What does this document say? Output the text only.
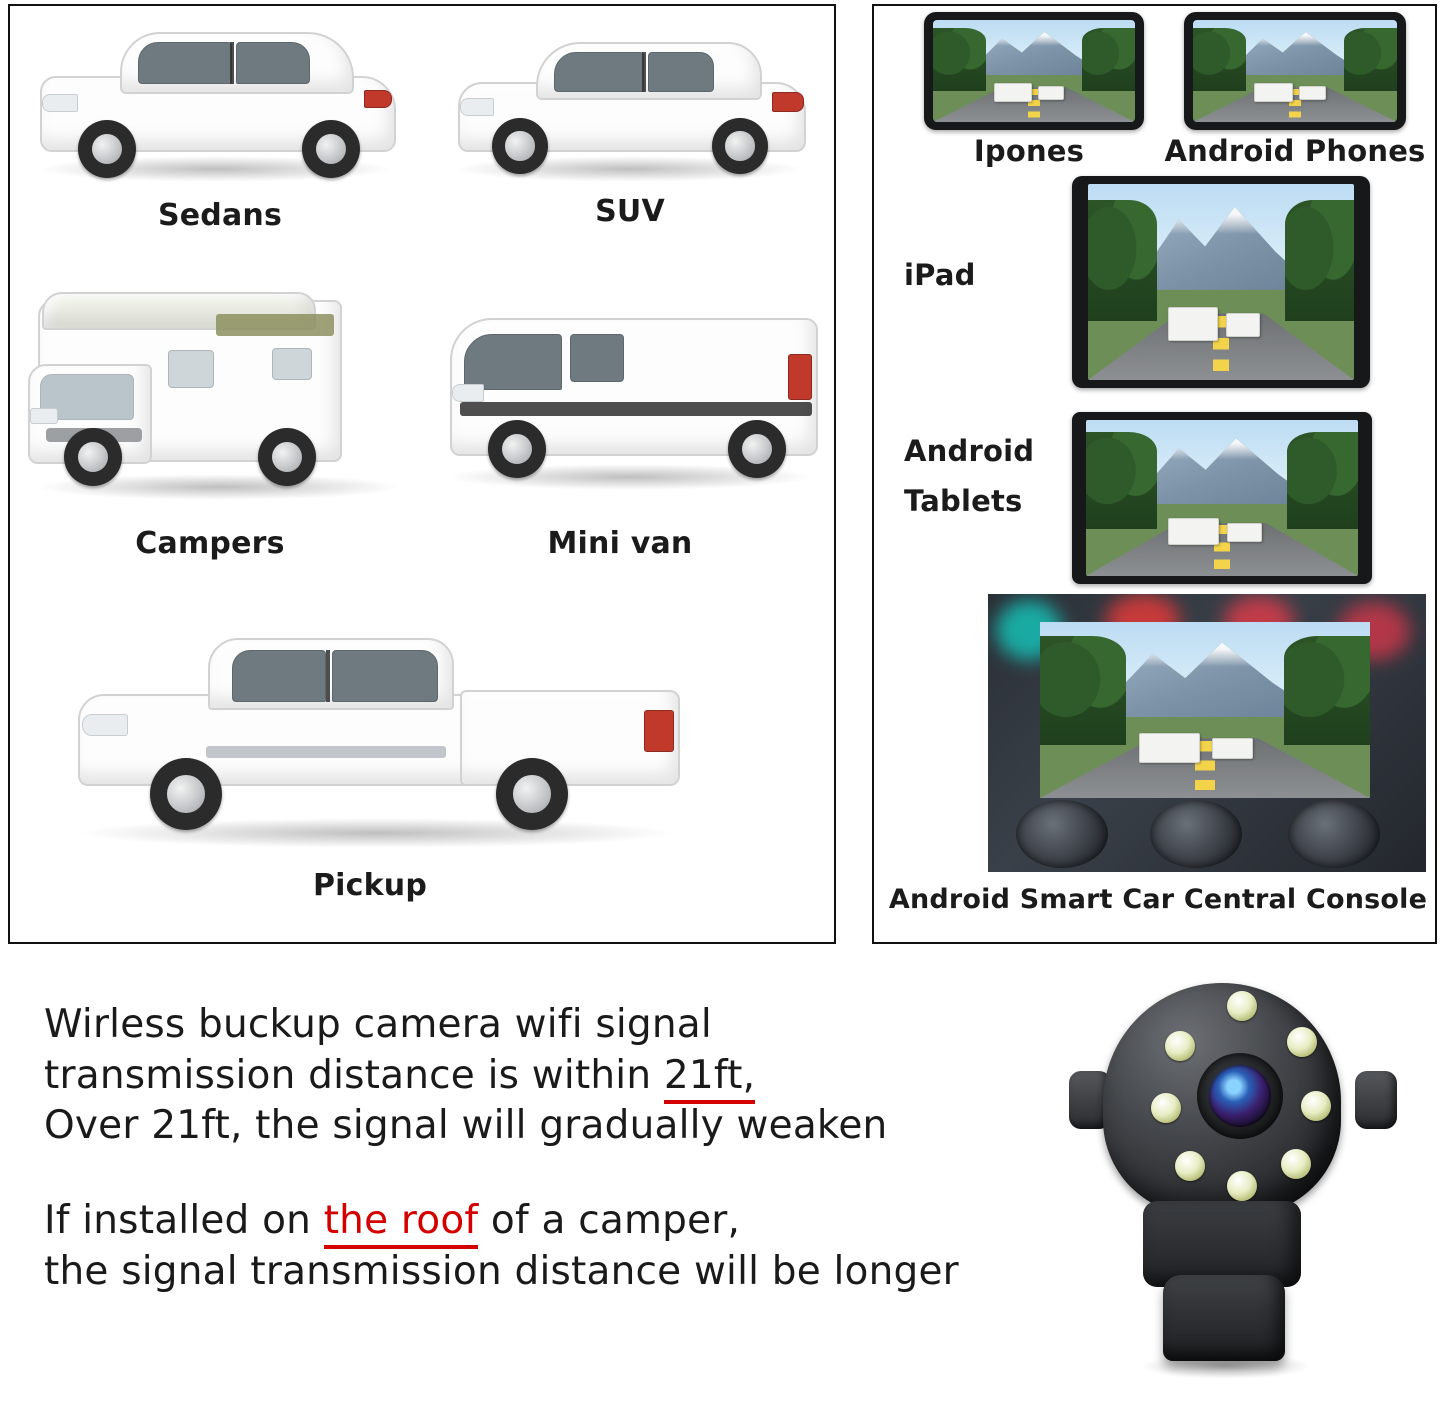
Sedans	SUV
Campers	Mini van
Pickup
Ipones	Android Phones
iPad
Android
Tablets
Android Smart Car Central Console

Wirless buckup camera wifi signal
transmission distance is within 21ft,
Over 21ft, the signal will gradually weaken

If installed on the roof of a camper,
the signal transmission distance will be longer
